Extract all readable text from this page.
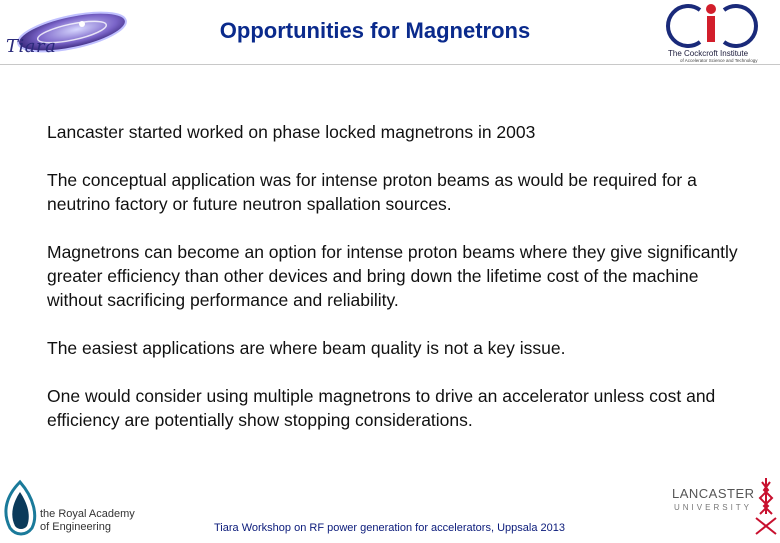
Tiara
Opportunities for Magnetrons
The Cockcroft Institute
of Accelerator Science and Technology

Lancaster started worked on phase locked magnetrons in 2003

The conceptual application was for intense proton beams as would be required for a neutrino factory or future neutron spallation sources.

Magnetrons can become an option for intense proton beams where they give significantly greater efficiency than other devices and bring down the lifetime cost of the machine without sacrificing performance and reliability.

The easiest applications are where beam quality is not a key issue.

One would consider using multiple magnetrons to drive an accelerator unless cost and efficiency are potentially show stopping considerations.

the Royal Academy
of Engineering	Tiara Workshop on RF power generation for accelerators, Uppsala 2013
LANCASTER
UNIVERSITY
